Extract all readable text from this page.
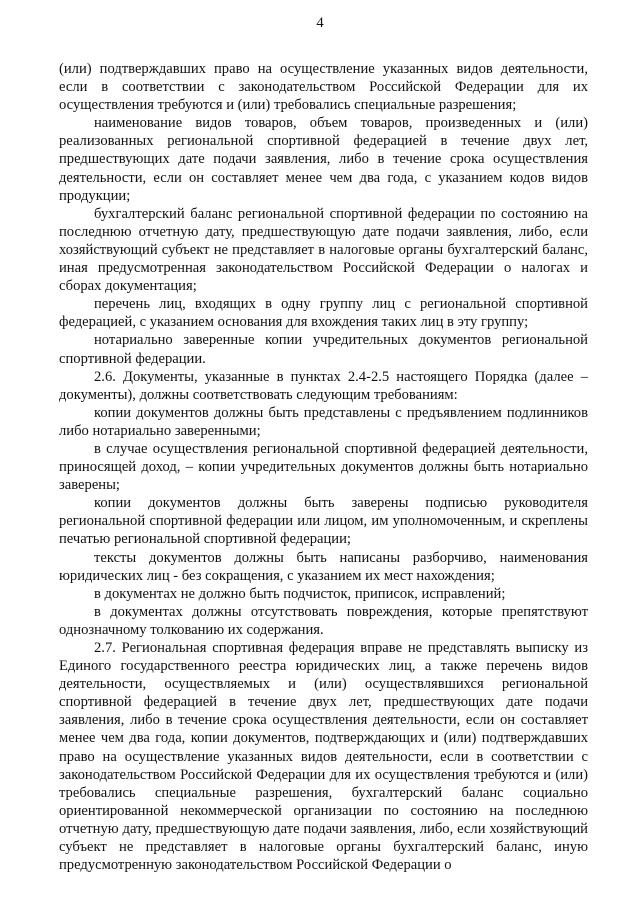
4

(или) подтверждавших право на осуществление указанных видов деятельности, если в соответствии с законодательством Российской Федерации для их осуществления требуются и (или) требовались специальные разрешения;

наименование видов товаров, объем товаров, произведенных и (или) реализованных региональной спортивной федерацией в течение двух лет, предшествующих дате подачи заявления, либо в течение срока осуществления деятельности, если он составляет менее чем два года, с указанием кодов видов продукции;

бухгалтерский баланс региональной спортивной федерации по состоянию на последнюю отчетную дату, предшествующую дате подачи заявления, либо, если хозяйствующий субъект не представляет в налоговые органы бухгалтерский баланс, иная предусмотренная законодательством Российской Федерации о налогах и сборах документация;

перечень лиц, входящих в одну группу лиц с региональной спортивной федерацией, с указанием основания для вхождения таких лиц в эту группу;

нотариально заверенные копии учредительных документов региональной спортивной федерации.

2.6. Документы, указанные в пунктах 2.4-2.5 настоящего Порядка (далее – документы), должны соответствовать следующим требованиям:

копии документов должны быть представлены с предъявлением подлинников либо нотариально заверенными;

в случае осуществления региональной спортивной федерацией деятельности, приносящей доход, – копии учредительных документов должны быть нотариально заверены;

копии документов должны быть заверены подписью руководителя региональной спортивной федерации или лицом, им уполномоченным, и скреплены печатью региональной спортивной федерации;

тексты документов должны быть написаны разборчиво, наименования юридических лиц - без сокращения, с указанием их мест нахождения;

в документах не должно быть подчисток, приписок, исправлений;

в документах должны отсутствовать повреждения, которые препятствуют однозначному толкованию их содержания.

2.7. Региональная спортивная федерация вправе не представлять выписку из Единого государственного реестра юридических лиц, а также перечень видов деятельности, осуществляемых и (или) осуществлявшихся региональной спортивной федерацией в течение двух лет, предшествующих дате подачи заявления, либо в течение срока осуществления деятельности, если он составляет менее чем два года, копии документов, подтверждающих и (или) подтверждавших право на осуществление указанных видов деятельности, если в соответствии с законодательством Российской Федерации для их осуществления требуются и (или) требовались специальные разрешения, бухгалтерский баланс социально ориентированной некоммерческой организации по состоянию на последнюю отчетную дату, предшествующую дате подачи заявления, либо, если хозяйствующий субъект не представляет в налоговые органы бухгалтерский баланс, иную предусмотренную законодательством Российской Федерации о
